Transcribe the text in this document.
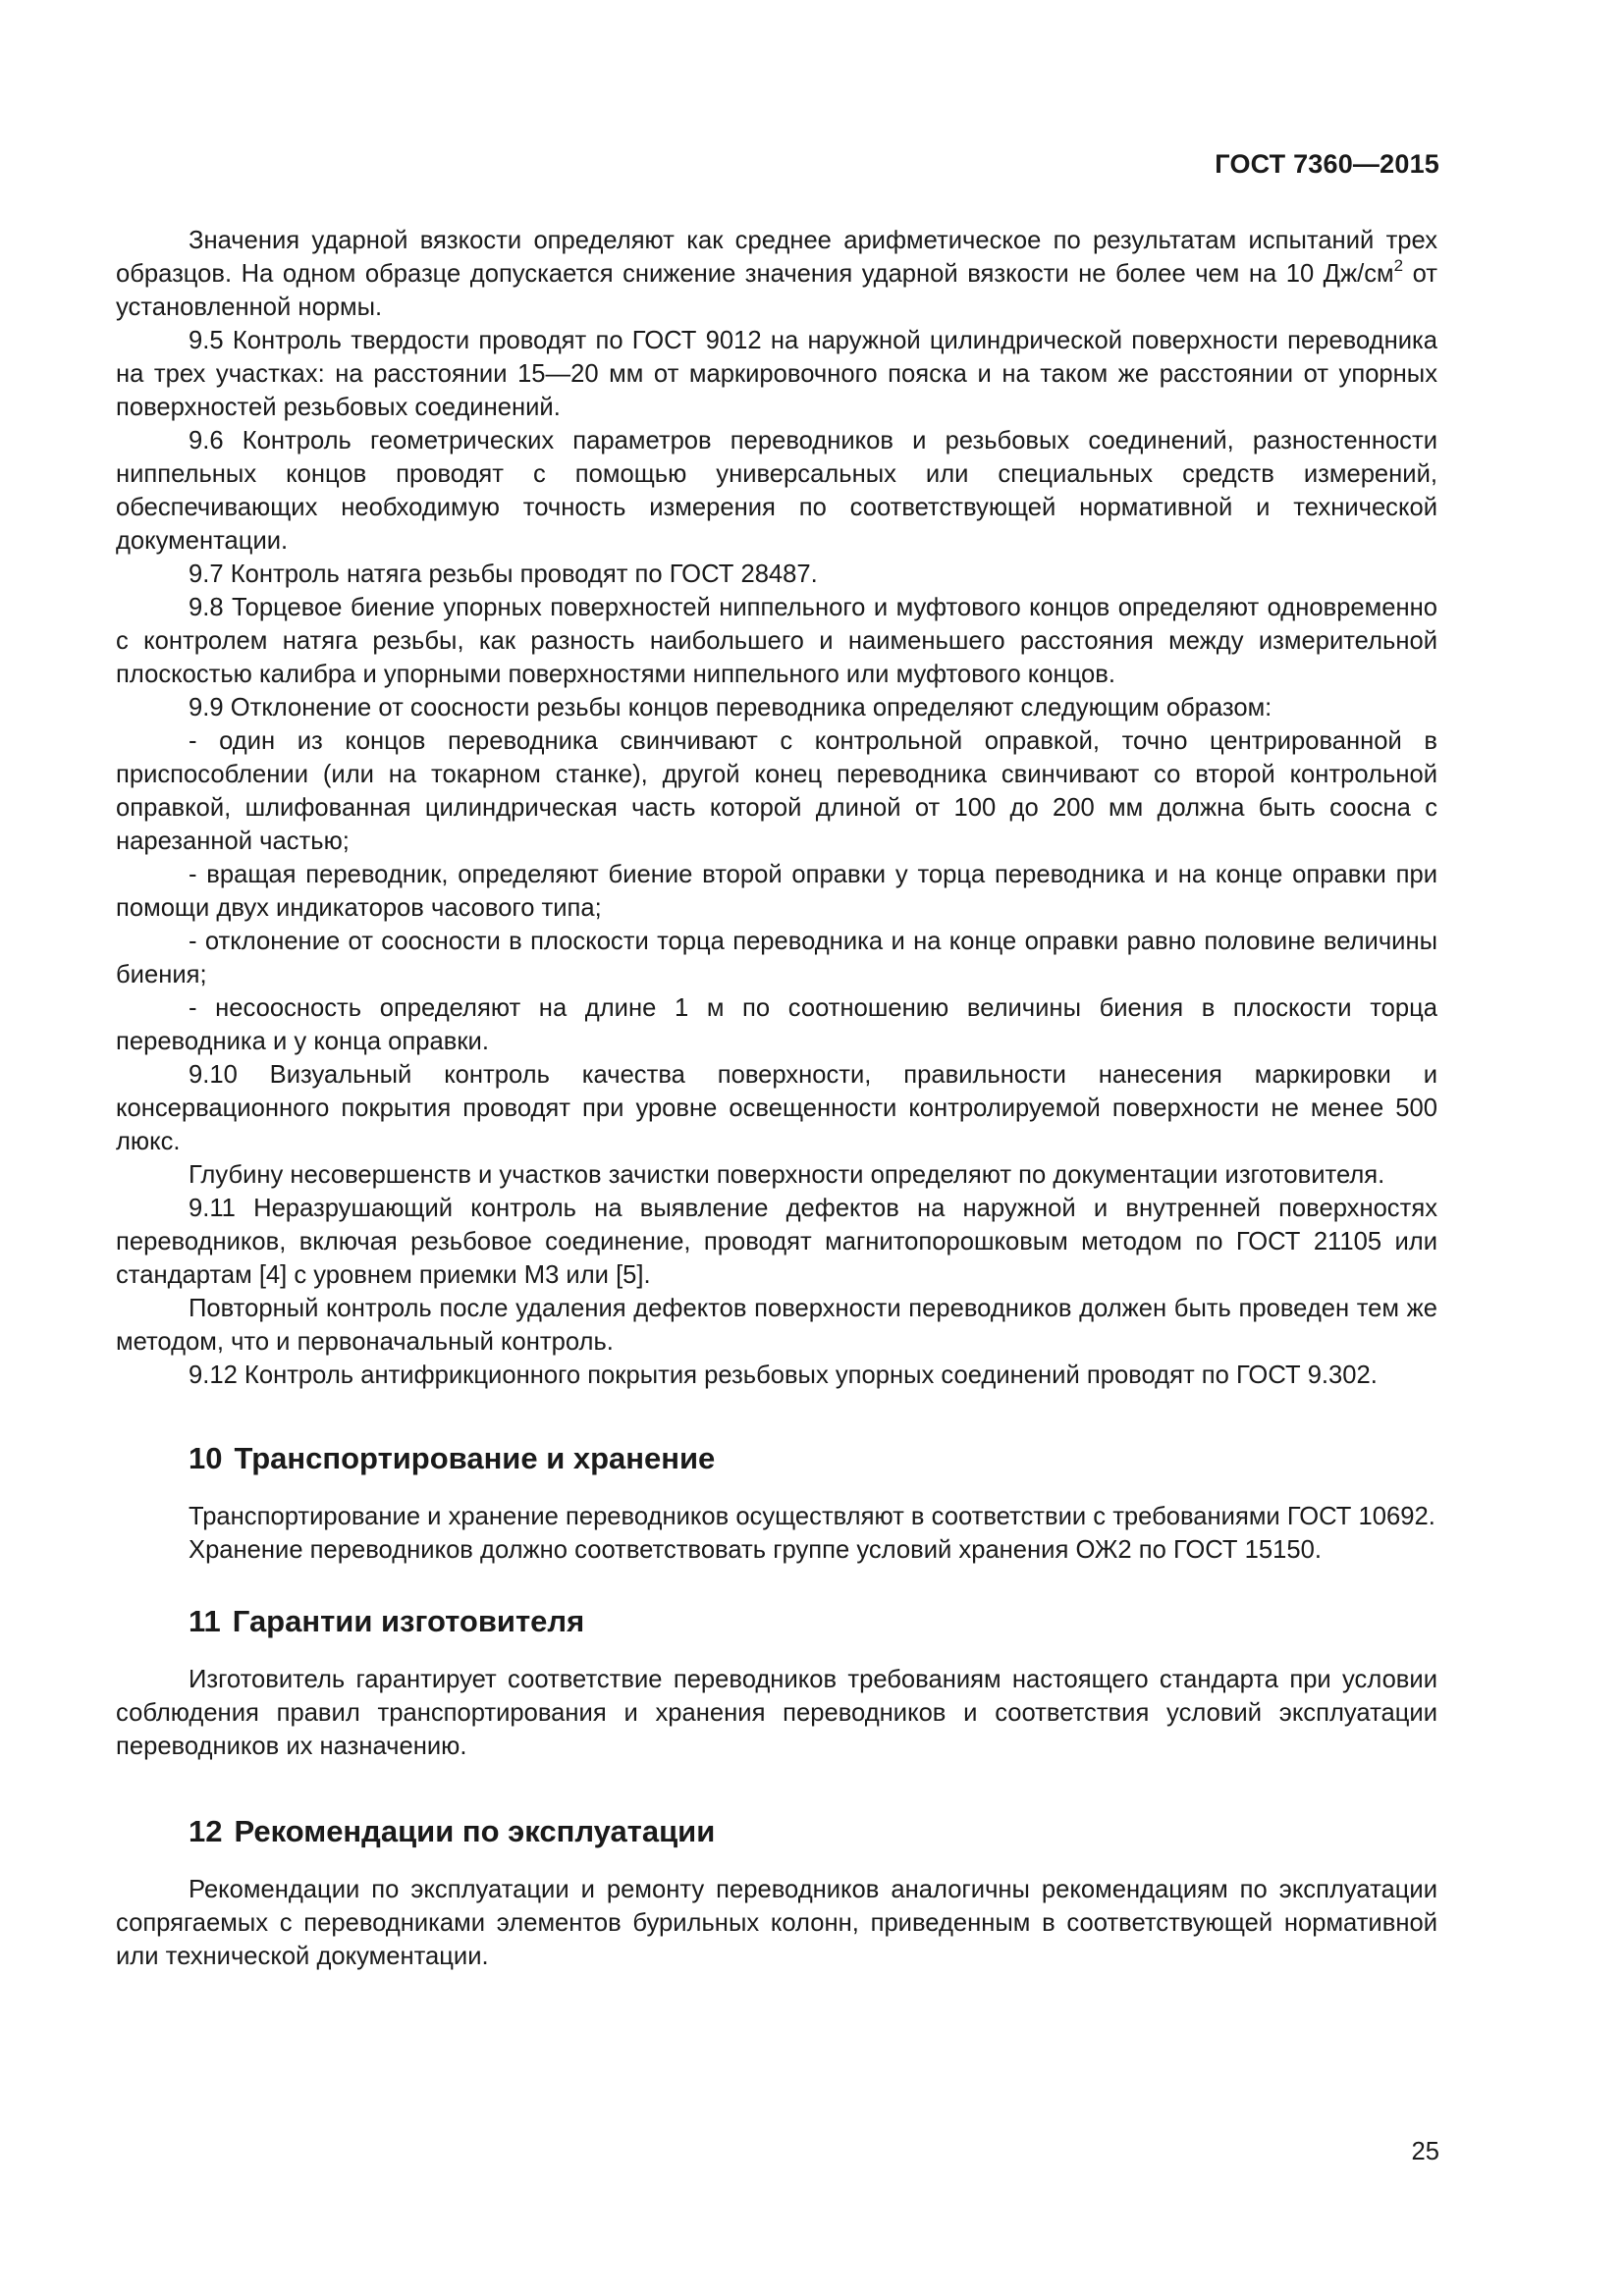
ГОСТ 7360—2015

Значения ударной вязкости определяют как среднее арифметическое по результатам испытаний трех образцов. На одном образце допускается снижение значения ударной вязкости не более чем на 10 $Дж/см^2$ от установленной нормы.

9.5 Контроль твердости проводят по ГОСТ 9012 на наружной цилиндрической поверхности переводника на трех участках: на расстоянии 15—20 мм от маркировочного пояска и на таком же расстоянии от упорных поверхностей резьбовых соединений.

9.6 Контроль геометрических параметров переводников и резьбовых соединений, разностенности ниппельных концов проводят с помощью универсальных или специальных средств измерений, обеспечивающих необходимую точность измерения по соответствующей нормативной и технической документации.

9.7 Контроль натяга резьбы проводят по ГОСТ 28487.

9.8 Торцевое биение упорных поверхностей ниппельного и муфтового концов определяют одновременно с контролем натяга резьбы, как разность наибольшего и наименьшего расстояния между измерительной плоскостью калибра и упорными поверхностями ниппельного или муфтового концов.

9.9 Отклонение от соосности резьбы концов переводника определяют следующим образом:

- один из концов переводника свинчивают с контрольной оправкой, точно центрированной в приспособлении (или на токарном станке), другой конец переводника свинчивают со второй контрольной оправкой, шлифованная цилиндрическая часть которой длиной от 100 до 200 мм должна быть соосна с нарезанной частью;

- вращая переводник, определяют биение второй оправки у торца переводника и на конце оправки при помощи двух индикаторов часового типа;

- отклонение от соосности в плоскости торца переводника и на конце оправки равно половине величины биения;

- несоосность определяют на длине 1 м по соотношению величины биения в плоскости торца переводника и у конца оправки.

9.10 Визуальный контроль качества поверхности, правильности нанесения маркировки и консервационного покрытия проводят при уровне освещенности контролируемой поверхности не менее 500 люкс.

Глубину несовершенств и участков зачистки поверхности определяют по документации изготовителя.

9.11 Неразрушающий контроль на выявление дефектов на наружной и внутренней поверхностях переводников, включая резьбовое соединение, проводят магнитопорошковым методом по ГОСТ 21105 или стандартам [4] с уровнем приемки М3 или [5].

Повторный контроль после удаления дефектов поверхности переводников должен быть проведен тем же методом, что и первоначальный контроль.

9.12 Контроль антифрикционного покрытия резьбовых упорных соединений проводят по ГОСТ 9.302.

10 Транспортирование и хранение

Транспортирование и хранение переводников осуществляют в соответствии с требованиями ГОСТ 10692.

Хранение переводников должно соответствовать группе условий хранения ОЖ2 по ГОСТ 15150.

11 Гарантии изготовителя

Изготовитель гарантирует соответствие переводников требованиям настоящего стандарта при условии соблюдения правил транспортирования и хранения переводников и соответствия условий эксплуатации переводников их назначению.

12 Рекомендации по эксплуатации

Рекомендации по эксплуатации и ремонту переводников аналогичны рекомендациям по эксплуатации сопрягаемых с переводниками элементов бурильных колонн, приведенным в соответствующей нормативной или технической документации.

25
